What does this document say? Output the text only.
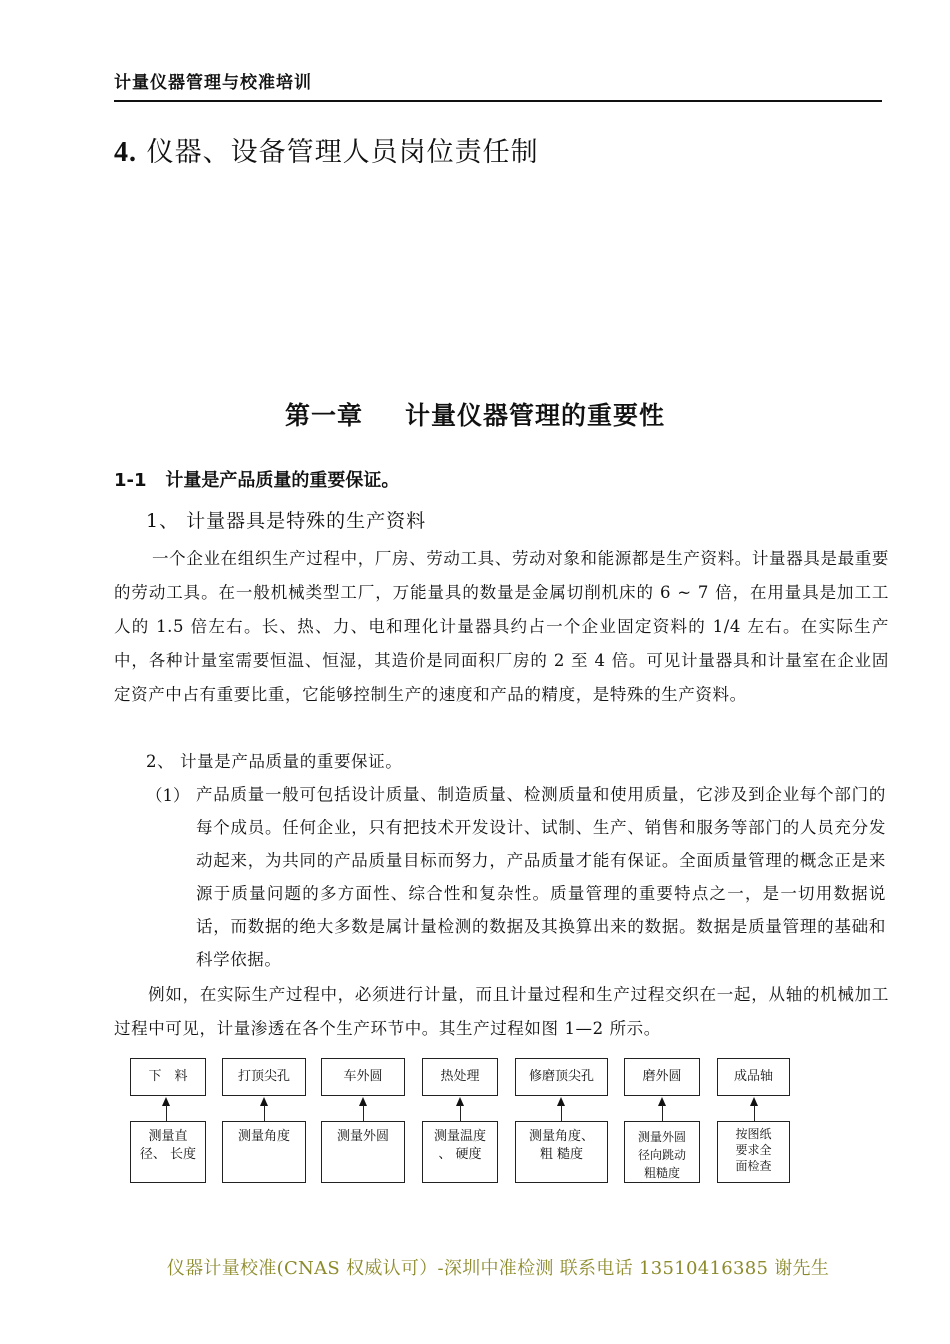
计量仪器管理与校准培训
4. 仪器、设备管理人员岗位责任制
第一章 计量仪器管理的重要性
1-1 计量是产品质量的重要保证。
1、 计量器具是特殊的生产资料
一个企业在组织生产过程中，厂房、劳动工具、劳动对象和能源都是生产资料。计量器具是最重要的劳动工具。在一般机械类型工厂，万能量具的数量是金属切削机床的 6 ~ 7 倍，在用量具是加工工人的 1.5 倍左右。长、热、力、电和理化计量器具约占一个企业固定资料的 1/4 左右。在实际生产中，各种计量室需要恒温、恒湿，其造价是同面积厂房的 2 至 4 倍。可见计量器具和计量室在企业固定资产中占有重要比重，它能够控制生产的速度和产品的精度，是特殊的生产资料。
2、 计量是产品质量的重要保证。
（1） 产品质量一般可包括设计质量、制造质量、检测质量和使用质量，它涉及到企业每个部门的每个成员。任何企业，只有把技术开发设计、试制、生产、销售和服务等部门的人员充分发动起来，为共同的产品质量目标而努力，产品质量才能有保证。全面质量管理的概念正是来源于质量问题的多方面性、综合性和复杂性。质量管理的重要特点之一，是一切用数据说话，而数据的绝大多数是属计量检测的数据及其换算出来的数据。数据是质量管理的基础和科学依据。
例如，在实际生产过程中，必须进行计量，而且计量过程和生产过程交织在一起，从轴的机械加工过程中可见，计量渗透在各个生产环节中。其生产过程如图 1—2 所示。
下　料	打顶尖孔	车外圆	热处理	修磨顶尖孔	磨外圆	成品轴
测量直径、 长度
测量角度	测量外圆	测量温度 、 硬度
测量角度、粗 糙度
测量外圆径向跳动粗糙度
按图纸要求全面检查
仪器计量校准(CNAS 权威认可）-深圳中准检测 联系电话 13510416385 谢先生
